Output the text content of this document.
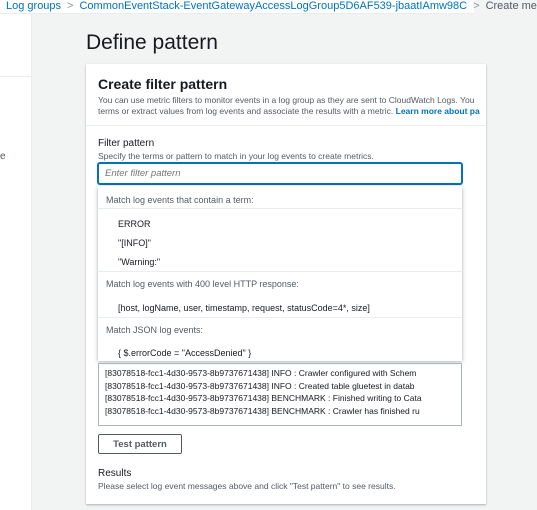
Log groups > CommonEventStack-EventGatewayAccessLogGroup5D6AF539-jbaatIAmw98C > Create me
e
Define pattern
Create filter pattern
You can use metric filters to monitor events in a log group as they are sent to CloudWatch Logs. You
terms or extract values from log events and associate the results with a metric. Learn more about pa
Filter pattern
Specify the terms or pattern to match in your log events to create metrics.
Enter filter pattern
Match log events that contain a term:
ERROR
"[INFO]"
"Warning:"
Match log events with 400 level HTTP response:
[host, logName, user, timestamp, request, statusCode=4*, size]
Match JSON log events:
{ $.errorCode = "AccessDenied" }
[83078518-fcc1-4d30-9573-8b9737671438] INFO : Crawler configured with Schem
[83078518-fcc1-4d30-9573-8b9737671438] INFO : Created table gluetest in datab
[83078518-fcc1-4d30-9573-8b9737671438] BENCHMARK : Finished writing to Cata
[83078518-fcc1-4d30-9573-8b9737671438] BENCHMARK : Crawler has finished ru
Test pattern
Results
Please select log event messages above and click "Test pattern" to see results.
